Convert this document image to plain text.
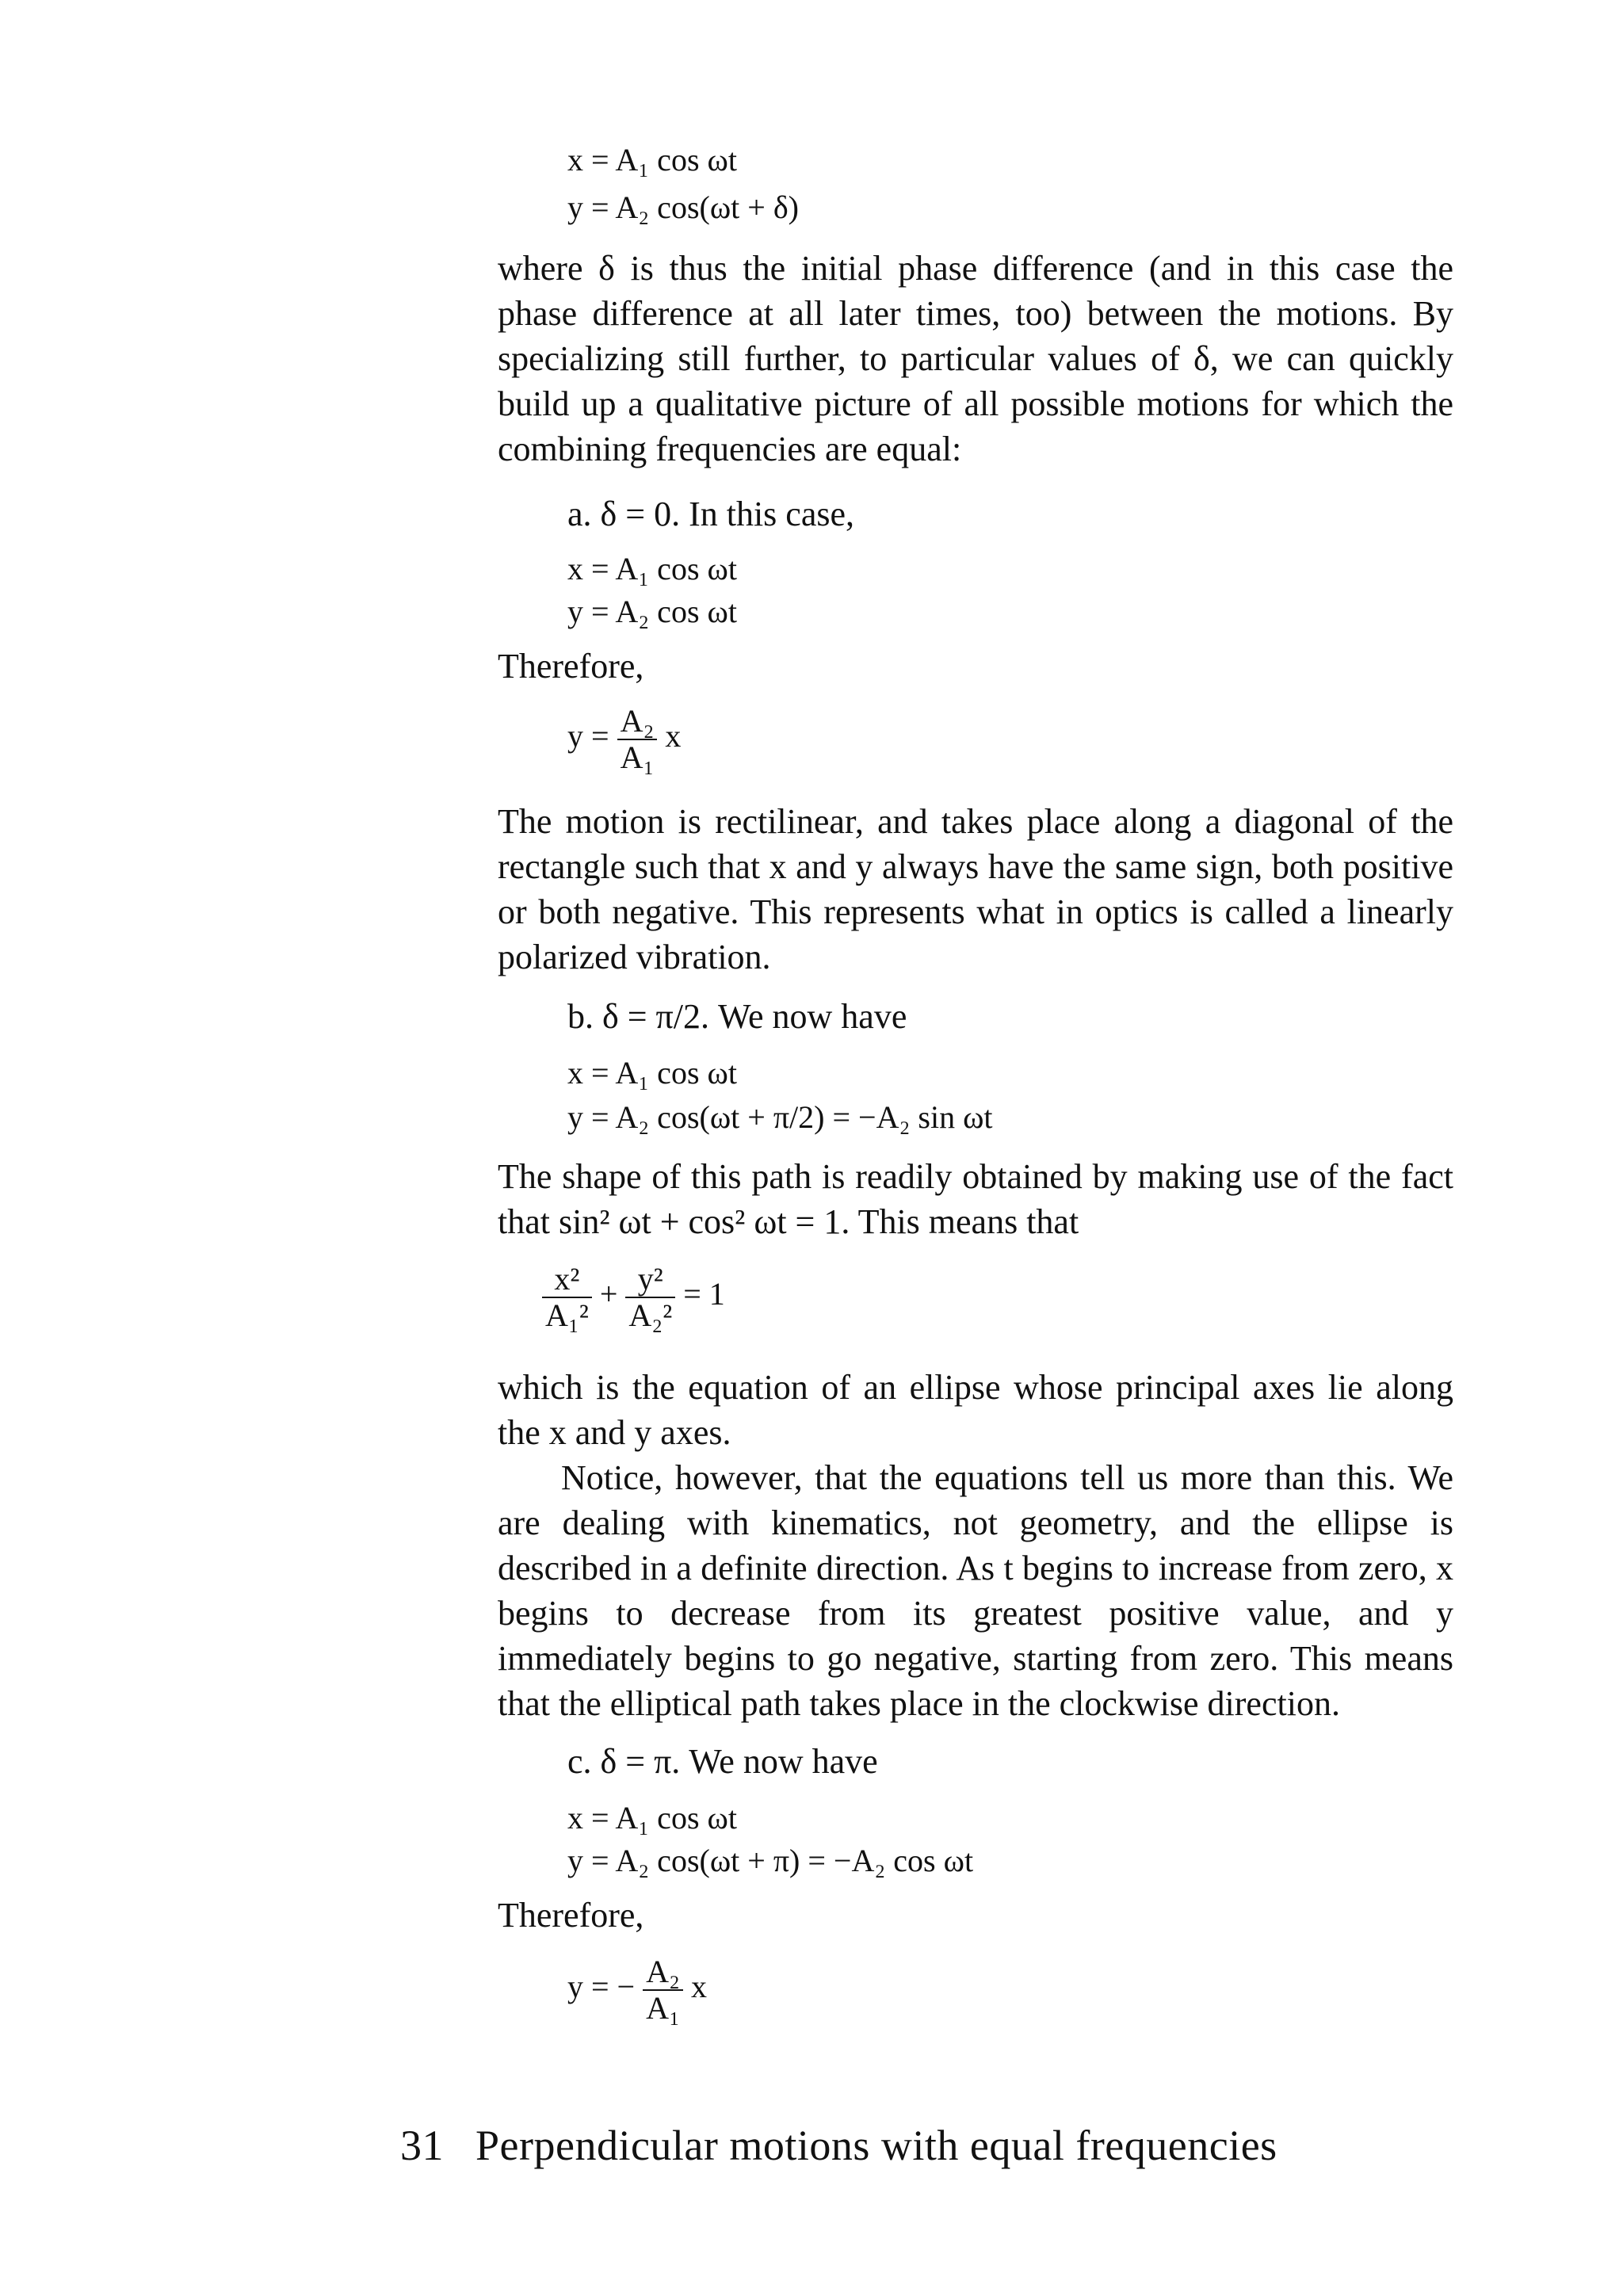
x = A₁ cos ωt
y = A₂ cos(ωt + δ)

where δ is thus the initial phase difference (and in this case the phase difference at all later times, too) between the motions. By specializing still further, to particular values of δ, we can quickly build up a qualitative picture of all possible motions for which the combining frequencies are equal:

a. δ = 0. In this case,
x = A₁ cos ωt
y = A₂ cos ωt
Therefore,
$y = \frac{\text{A₂}}{\text{A₁}}$ x

The motion is rectilinear, and takes place along a diagonal of the rectangle such that x and y always have the same sign, both positive or both negative. This represents what in optics is called a linearly polarized vibration.

b. δ = π/2. We now have
x = A₁ cos ωt
y = A₂ cos(ωt + π/2) = −A₂ sin ωt

The shape of this path is readily obtained by making use of the fact that sin² ωt + cos² ωt = 1. This means that

$\frac{\text{x²}}{\text{A₁²}} + \frac{\text{y²}}{\text{A₂²}} = 1$

which is the equation of an ellipse whose principal axes lie along the x and y axes.

Notice, however, that the equations tell us more than this. We are dealing with kinematics, not geometry, and the ellipse is described in a definite direction. As t begins to increase from zero, x begins to decrease from its greatest positive value, and y immediately begins to go negative, starting from zero. This means that the elliptical path takes place in the clockwise direction.

c. δ = π. We now have
x = A₁ cos ωt
y = A₂ cos(ωt + π) = −A₂ cos ωt
Therefore,
y = − $\frac{\text{A₂}}{\text{A₁}}$ x
31 Perpendicular motions with equal frequencies
